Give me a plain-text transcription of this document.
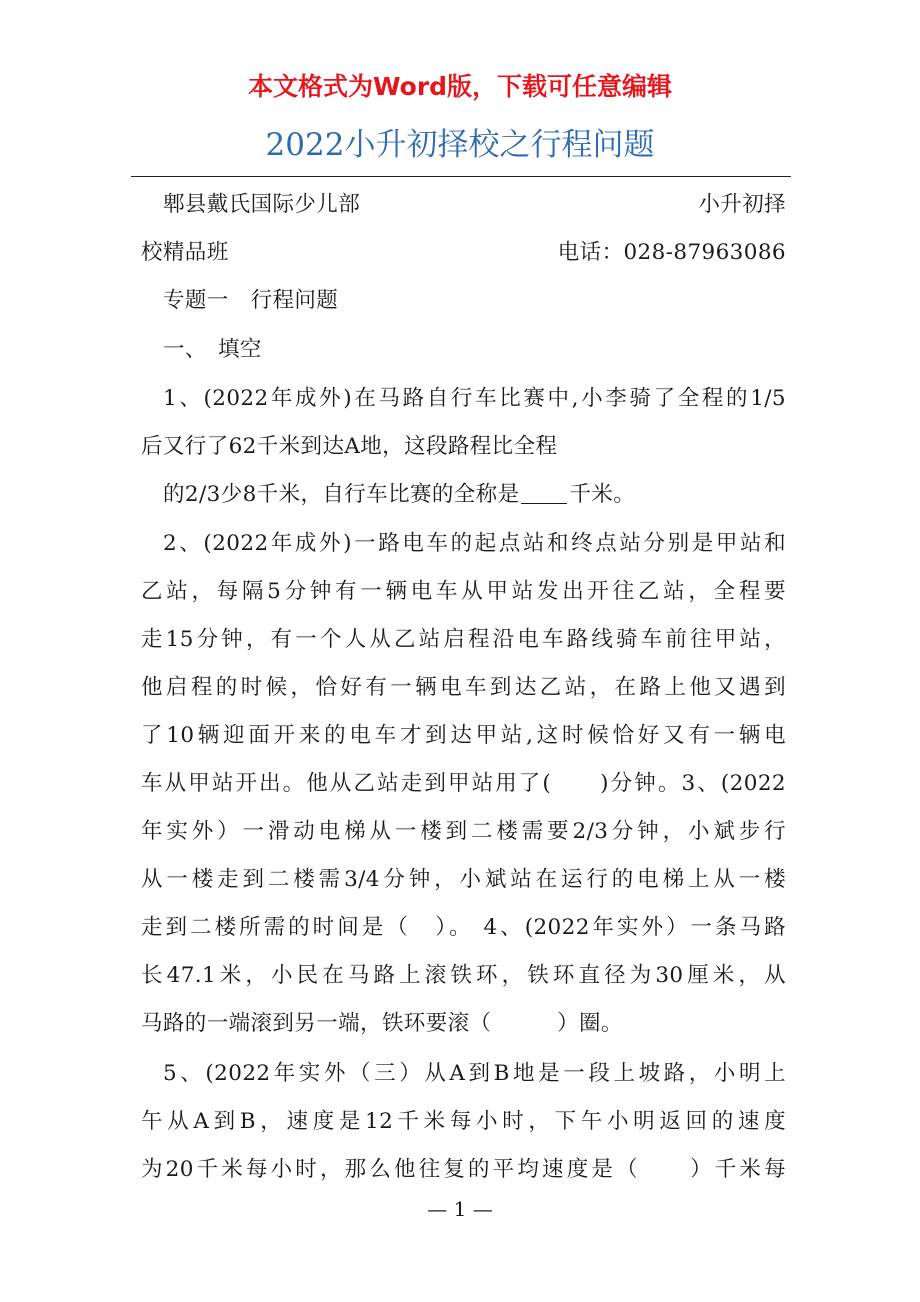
本文格式为Word版，下载可任意编辑
2022小升初择校之行程问题
郫县戴氏国际少儿部	小升初择
校精品班	电话：028-87963086
专题一　行程问题
一、　填空
1、(2022年成外)在马路自行车比赛中,小李骑了全程的1/5
后又行了62千米到达A地，这段路程比全程
的2/3少8千米，自行车比赛的全称是 千米。
2、(2022年成外)一路电车的起点站和终点站分别是甲站和
乙站，每隔5分钟有一辆电车从甲站发出开往乙站，全程要
走15分钟，有一个人从乙站启程沿电车路线骑车前往甲站，
他启程的时候，恰好有一辆电车到达乙站，在路上他又遇到
了10辆迎面开来的电车才到达甲站,这时候恰好又有一辆电
车从甲站开出。他从乙站走到甲站用了(　　)分钟。3、(2022
年实外）一滑动电梯从一楼到二楼需要2/3分钟，小斌步行
从一楼走到二楼需3/4分钟，小斌站在运行的电梯上从一楼
走到二楼所需的时间是（　）。 4、(2022年实外）一条马路
长47.1米，小民在马路上滚铁环，铁环直径为30厘米，从
马路的一端滚到另一端，铁环要滚（　　　）圈。
5、(2022年实外（三）从A到B地是一段上坡路，小明上
午从A到B，速度是12千米每小时，下午小明返回的速度
为20千米每小时，那么他往复的平均速度是（　　）千米每
— 1 —
